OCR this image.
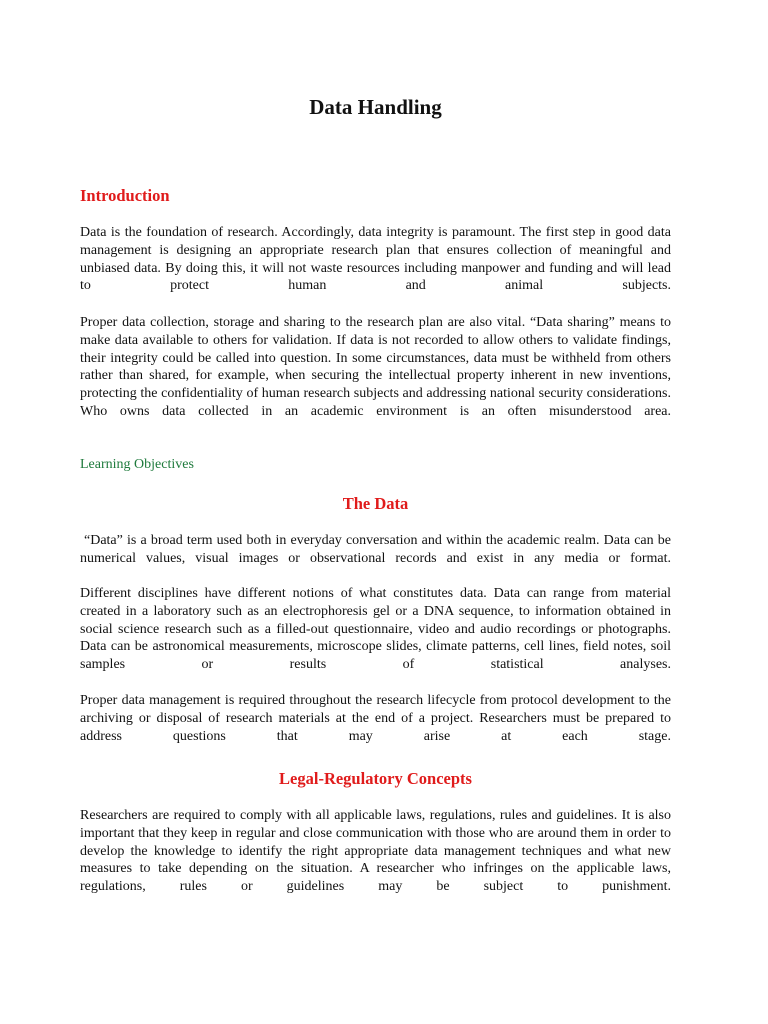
Data Handling
Introduction

Data is the foundation of research. Accordingly, data integrity is paramount. The first step in good data management is designing an appropriate research plan that ensures collection of meaningful and unbiased data. By doing this, it will not waste resources including manpower and funding and will lead to protect human and animal subjects.

Proper data collection, storage and sharing to the research plan are also vital. “Data sharing” means to make data available to others for validation. If data is not recorded to allow others to validate findings, their integrity could be called into question. In some circumstances, data must be withheld from others rather than shared, for example, when securing the intellectual property inherent in new inventions, protecting the confidentiality of human research subjects and addressing national security considerations. Who owns data collected in an academic environment is an often misunderstood area.

Learning Objectives
The Data

“Data” is a broad term used both in everyday conversation and within the academic realm. Data can be numerical values, visual images or observational records and exist in any media or format.

Different disciplines have different notions of what constitutes data. Data can range from material created in a laboratory such as an electrophoresis gel or a DNA sequence, to information obtained in social science research such as a filled-out questionnaire, video and audio recordings or photographs. Data can be astronomical measurements, microscope slides, climate patterns, cell lines, field notes, soil samples or results of statistical analyses.

Proper data management is required throughout the research lifecycle from protocol development to the archiving or disposal of research materials at the end of a project. Researchers must be prepared to address questions that may arise at each stage.

Legal-Regulatory Concepts

Researchers are required to comply with all applicable laws, regulations, rules and guidelines. It is also important that they keep in regular and close communication with those who are around them in order to develop the knowledge to identify the right appropriate data management techniques and what new measures to take depending on the situation. A researcher who infringes on the applicable laws, regulations, rules or guidelines may be subject to punishment.
